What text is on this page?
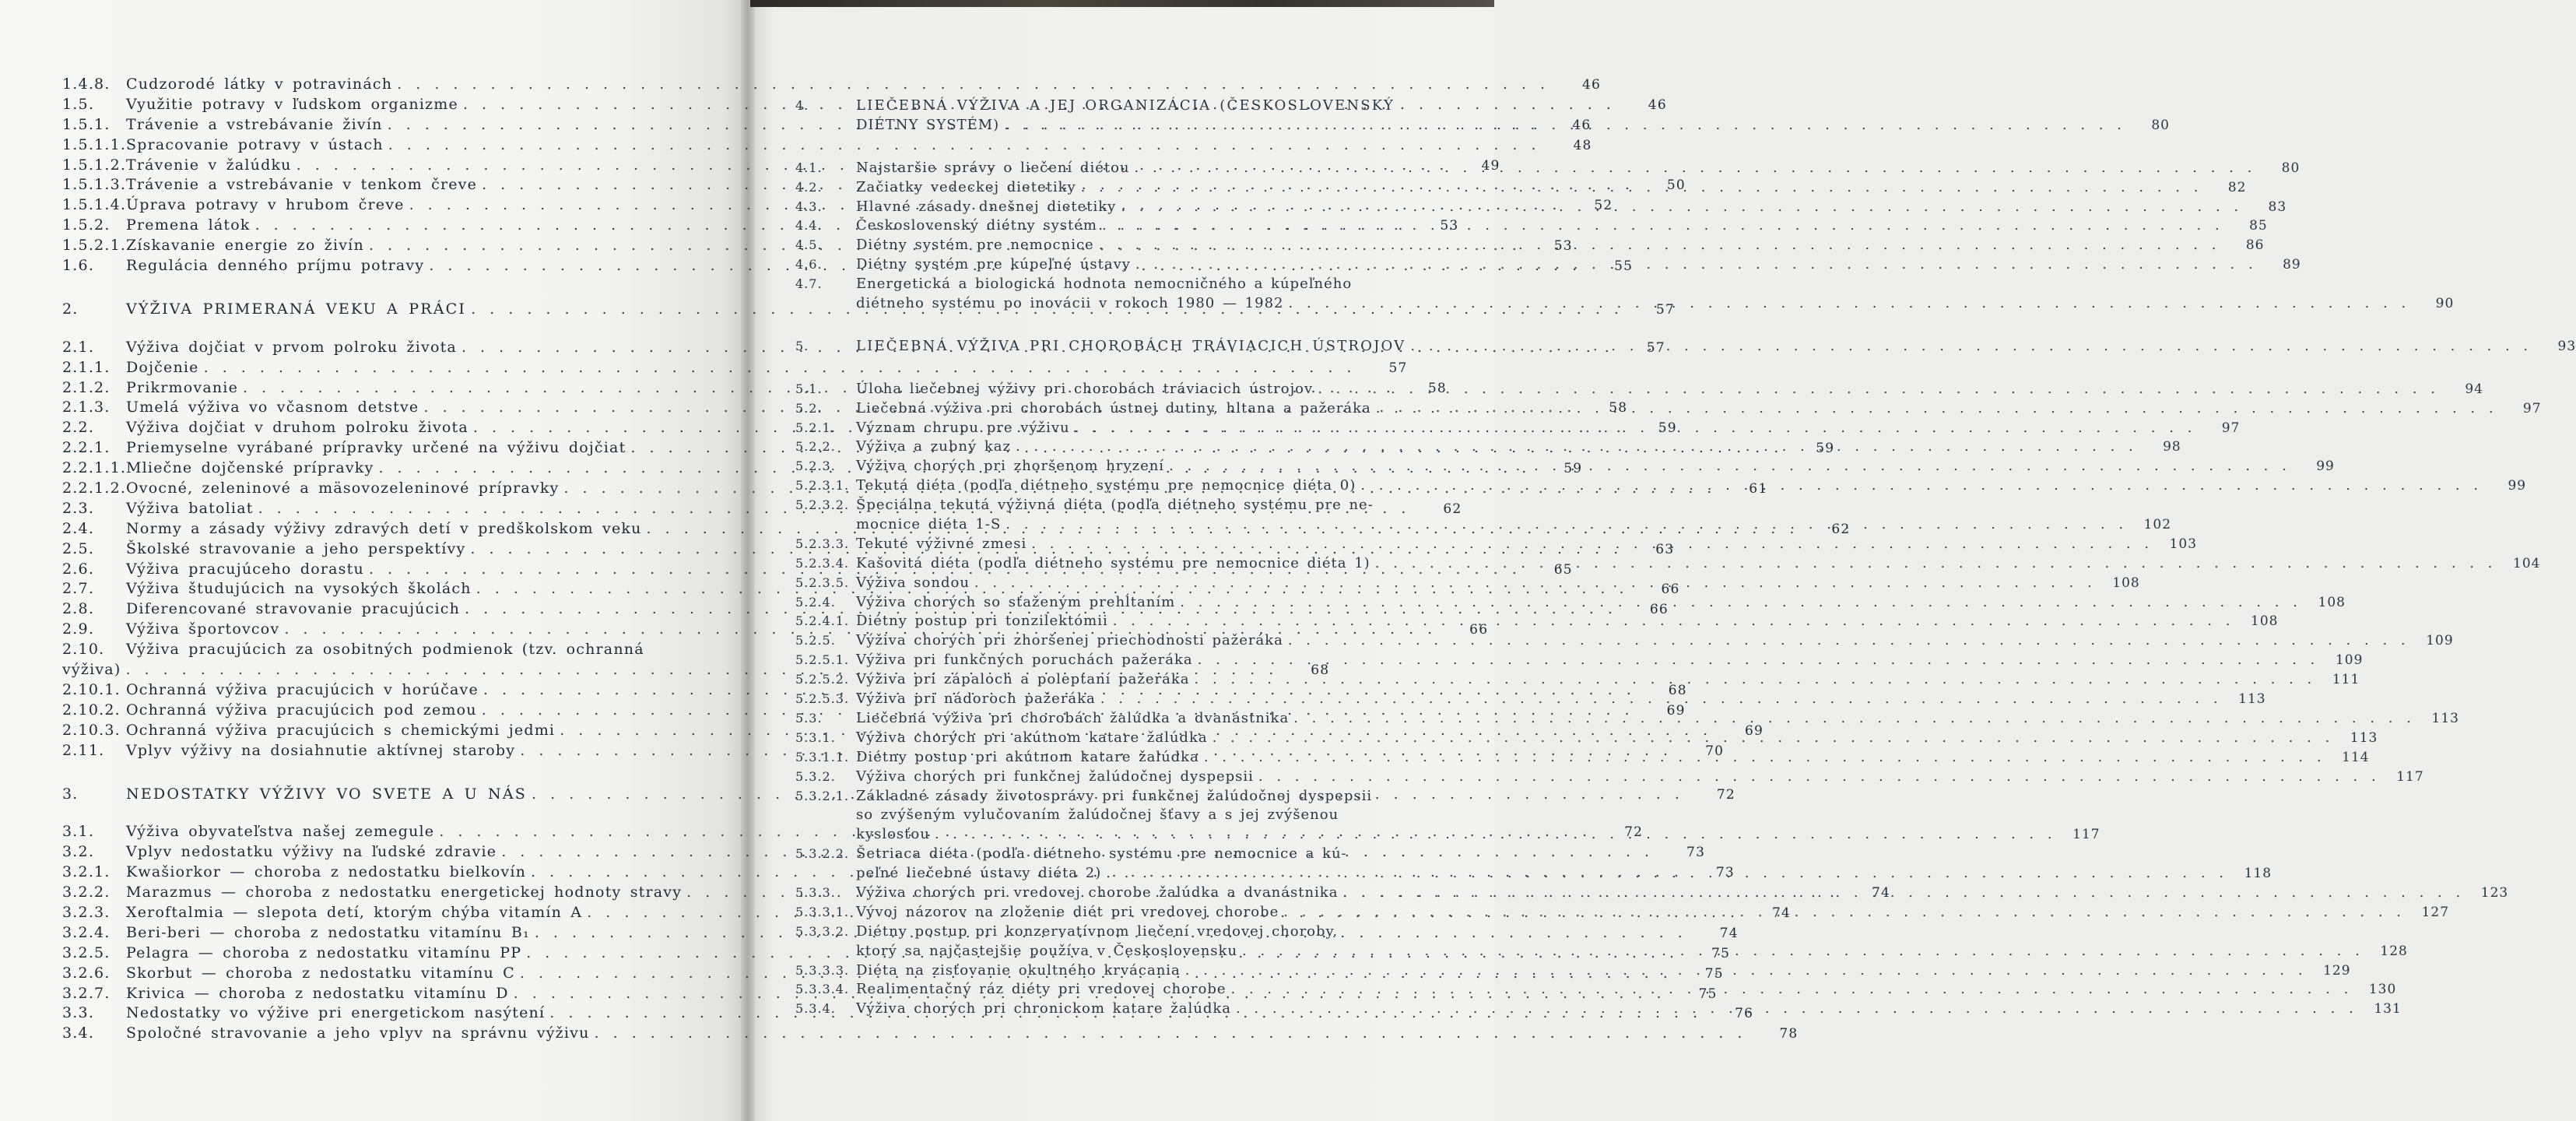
1.4.8.	Cudzorodé látky v potravinách . . .	46
1.5.	Využitie potravy v ľudskom organizme . . .	46
1.5.1.	Trávenie a vstrebávanie živín . . .	46
1.5.1.1. Spracovanie potravy v ústach . . .	48
1.5.1.2. Trávenie v žalúdku . . .	49
1.5.1.3. Trávenie a vstrebávanie v tenkom čreve . . .	50
1.5.1.4. Úprava potravy v hrubom čreve . . .	52
1.5.2.	Premena látok . . .	53
1.5.2.1. Získavanie energie zo živín . . .	53
1.6.	Regulácia denného príjmu potravy . . .	55
2.	VÝŽIVA PRIMERANÁ VEKU A PRÁCI . . .	57
2.1.	Výživa dojčiat v prvom polroku života . . .	57
2.1.1.	Dojčenie . . .	57
2.1.2.	Prikrmovanie . . .	58
2.1.3.	Umelá výživa vo včasnom detstve . . .	58
2.2.	Výživa dojčiat v druhom polroku života . . .	59
2.2.1.	Priemyselne vyrábané prípravky určené na výživu dojčiat . . .	59
2.2.1.1. Mliečne dojčenské prípravky . . .	59
2.2.1.2. Ovocné, zeleninové a mäsovozeleninové prípravky . . .	61
2.3.	Výživa batoliat . . .	62
2.4.	Normy a zásady výživy zdravých detí v predškolskom veku . . .	62
2.5.	Školské stravovanie a jeho perspektívy . . .	63
2.6.	Výživa pracujúceho dorastu . . .	65
2.7.	Výživa študujúcich na vysokých školách . . .	66
2.8.	Diferencované stravovanie pracujúcich . . .	66
2.9.	Výživa športovcov . . .	66
2.10.	Výživa pracujúcich za osobitných podmienok (tzv. ochranná
výživa) . . .	68
2.10.1. Ochranná výživa pracujúcich v horúčave . . .	68
2.10.2. Ochranná výživa pracujúcich pod zemou . . .	69
2.10.3. Ochranná výživa pracujúcich s chemickými jedmi . . .	69
2.11.	Vplyv výživy na dosiahnutie aktívnej staroby . . .	70
3.	NEDOSTATKY VÝŽIVY VO SVETE A U NÁS . . .	72
3.1.	Výživa obyvateľstva našej zemegule . . .	72
3.2.	Vplyv nedostatku výživy na ľudské zdravie . . .	73
3.2.1.	Kwašiorkor — choroba z nedostatku bielkovín . . .	73
3.2.2.	Marazmus — choroba z nedostatku energetickej hodnoty stravy . . .	74
3.2.3.	Xeroftalmia — slepota detí, ktorým chýba vitamín A . . .	74
3.2.4.	Beri-beri — choroba z nedostatku vitamínu B₁ . . .	74
3.2.5.	Pelagra — choroba z nedostatku vitamínu PP . . .	75
3.2.6.	Skorbut — choroba z nedostatku vitamínu C . . .	75
3.2.7.	Krivica — choroba z nedostatku vitamínu D . . .	75
3.3.	Nedostatky vo výžive pri energetickom nasýtení . . .	76
3.4.	Spoločné stravovanie a jeho vplyv na správnu výživu . . .	78
4.	LIEČEBNÁ VÝŽIVA A JEJ ORGANIZÁCIA (ČESKOSLOVENSKÝ
DIÉTNY SYSTÉM) . . .	80
4.1.	Najstaršie správy o liečení diétou . . .	80
4.2.	Začiatky vedeckej dietetiky . . .	82
4.3.	Hlavné zásady dnešnej dietetiky . . .	83
4.4.	Československý diétny systém . . .	85
4.5.	Diétny systém pre nemocnice . . .	86
4.6.	Diétny systém pre kúpeľné ústavy . . .	89
4.7.	Energetická a biologická hodnota nemocničného a kúpeľného
diétneho systému po inovácii v rokoch 1980 — 1982 . . .	90
5.	LIEČEBNÁ VÝŽIVA PRI CHOROBÁCH TRÁVIACICH ÚSTROJOV . . .	93
5.1.	Úloha liečebnej výživy pri chorobách tráviacich ústrojov . . .	94
5.2.	Liečebná výživa pri chorobách ústnej dutiny, hltana a pažeráka . . .	97
5.2.1.	Význam chrupu pre výživu . . .	97
5.2.2.	Výživa a zubný kaz . . .	98
5.2.3.	Výživa chorých pri zhoršenom hryzení . . .	99
5.2.3.1. Tekutá diéta (podľa diétneho systému pre nemocnice diéta 0) . . .	99
5.2.3.2. Špeciálna tekutá výživná diéta (podľa diétneho systému pre ne-
mocnice diéta 1-S . . .	102
5.2.3.3. Tekuté výživné zmesi . . .	103
5.2.3.4. Kašovitá diéta (podľa diétneho systému pre nemocnice diéta 1) . . .	104
5.2.3.5. Výživa sondou . . .	108
5.2.4.	Výživa chorých so sťaženým prehĺtaním . . .	108
5.2.4.1. Diétny postup pri tonzilektómii . . .	108
5.2.5.	Výživa chorých pri zhoršenej priechodnosti pažeráka . . .	109
5.2.5.1. Výživa pri funkčných poruchách pažeráka . . .	109
5.2.5.2. Výživa pri zápaloch a poleptaní pažeráka . . .	111
5.2.5.3. Výživa pri nádoroch pažeráka . . .	113
5.3.	Liečebná výživa pri chorobách žalúdka a dvanástnika . . .	113
5.3.1.	Výživa chorých pri akútnom katare žalúdka . . .	113
5.3.1.1. Diétny postup pri akútnom katare žalúdka . . .	114
5.3.2.	Výživa chorých pri funkčnej žalúdočnej dyspepsii . . .	117
5.3.2.1. Základné zásady životosprávy pri funkčnej žalúdočnej dyspepsii
so zvýšeným vylučovaním žalúdočnej šťavy a s jej zvýšenou
kyslosťou . . .	117
5.3.2.2. Šetriaca diéta (podľa diétneho systému pre nemocnice a kú-
peľné liečebné ústavy diéta 2) . . .	118
5.3.3.	Výživa chorých pri vredovej chorobe žalúdka a dvanástnika . . .	123
5.3.3.1. Vývoj názorov na zloženie diét pri vredovej chorobe . . .	127
5.3.3.2. Diétny postup pri konzervatívnom liečení vredovej choroby,
ktorý sa najčastejšie používa v Československu . . .	128
5.3.3.3. Diéta na zisťovanie okultného krvácania . . .	129
5.3.3.4. Realimentačný ráz diéty pri vredovej chorobe . . .	130
5.3.4.	Výživa chorých pri chronickom katare žalúdka . . .	131
